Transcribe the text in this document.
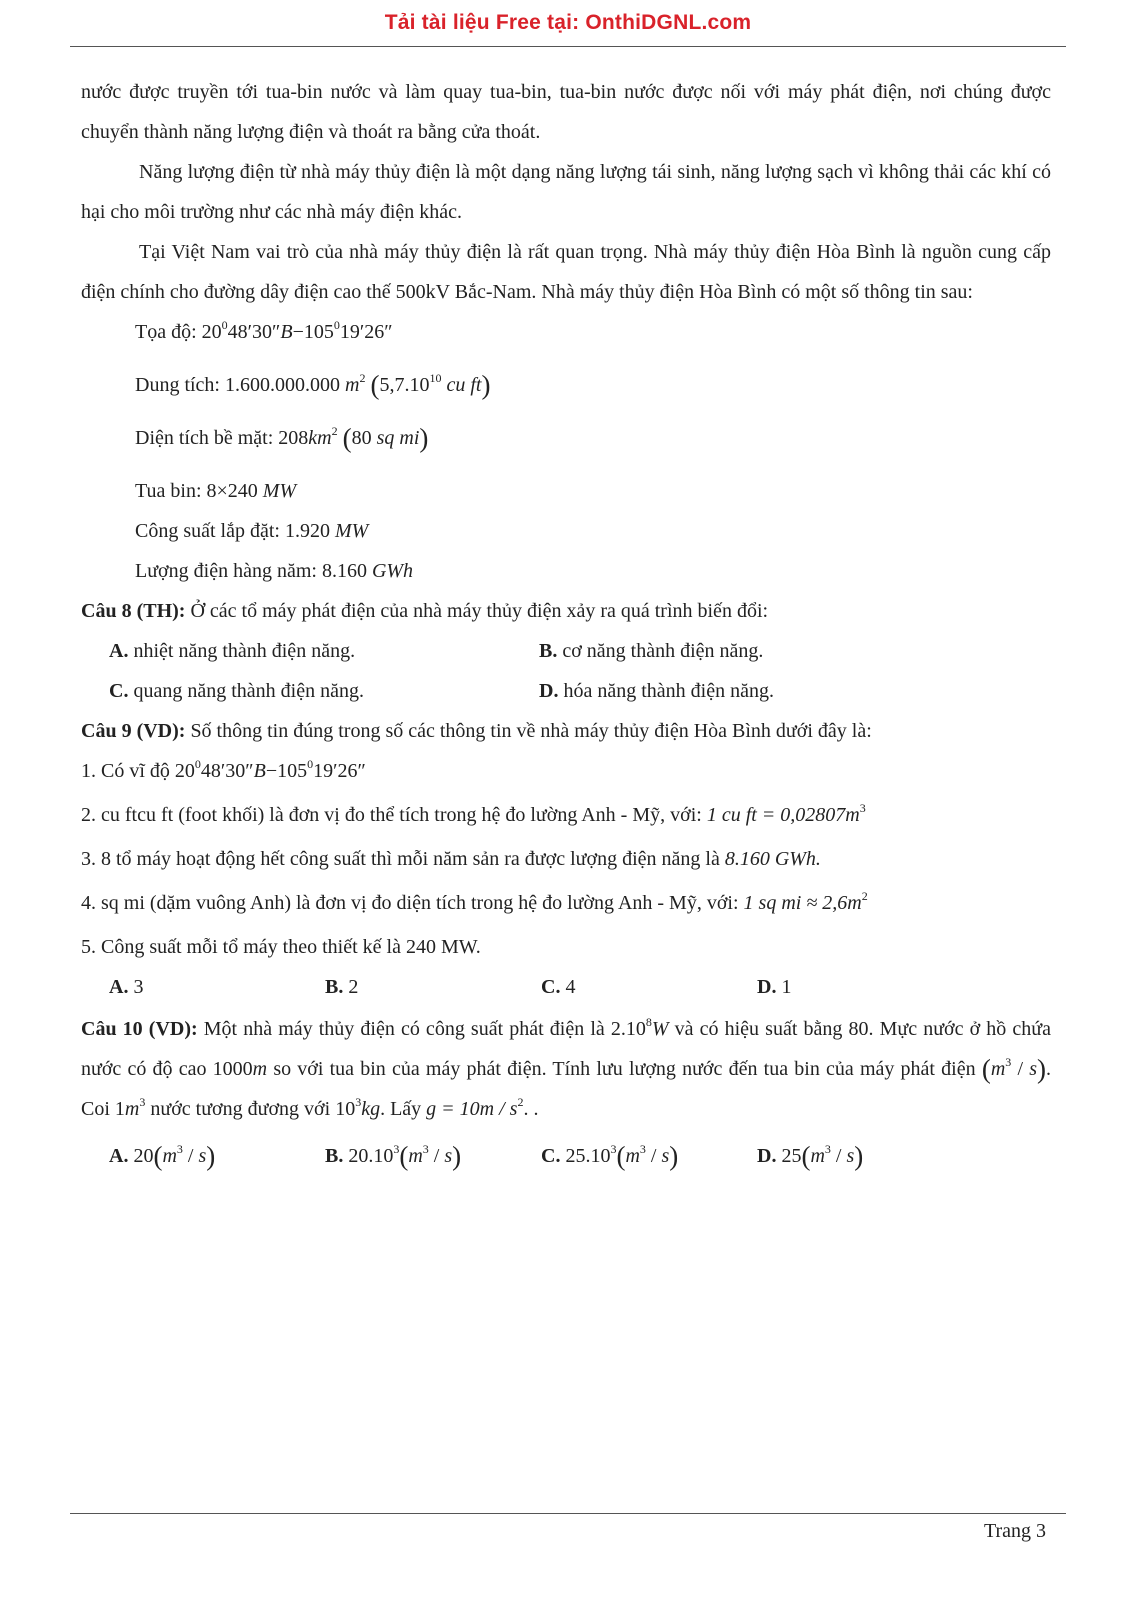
Tải tài liệu Free tại: OnthiDGNL.com

nước được truyền tới tua-bin nước và làm quay tua-bin, tua-bin nước được nối với máy phát điện, nơi chúng được chuyển thành năng lượng điện và thoát ra bằng cửa thoát.

Năng lượng điện từ nhà máy thủy điện là một dạng năng lượng tái sinh, năng lượng sạch vì không thải các khí có hại cho môi trường như các nhà máy điện khác.

Tại Việt Nam vai trò của nhà máy thủy điện là rất quan trọng. Nhà máy thủy điện Hòa Bình là nguồn cung cấp điện chính cho đường dây điện cao thế 500kV Bắc-Nam. Nhà máy thủy điện Hòa Bình có một số thông tin sau:

Tọa độ: $20^048'30''B-105^019'26''$
Dung tích: 1.600.000.000 $m^2$ (5,7.10$^{10}$ cu ft)
Diện tích bề mặt: $208km^2$ (80 sq mi)
Tua bin: 8×240 MW
Công suất lắp đặt: 1.920 MW
Lượng điện hàng năm: 8.160 GWh

Câu 8 (TH): Ở các tổ máy phát điện của nhà máy thủy điện xảy ra quá trình biến đổi:

A. nhiệt năng thành điện năng.	B. cơ năng thành điện năng.
C. quang năng thành điện năng.	D. hóa năng thành điện năng.

Câu 9 (VD): Số thông tin đúng trong số các thông tin về nhà máy thủy điện Hòa Bình dưới đây là:

1. Có vĩ độ $20^048'30''B-105^019'26''$
2. cu ftcu ft (foot khối) là đơn vị đo thể tích trong hệ đo lường Anh - Mỹ, với: 1 cu ft = $0,02807m^3$
3. 8 tổ máy hoạt động hết công suất thì mỗi năm sản ra được lượng điện năng là 8.160 GWh.
4. sq mi (dặm vuông Anh) là đơn vị đo diện tích trong hệ đo lường Anh - Mỹ, với: 1 sq mi ≈ $2,6m^2$
5. Công suất mỗi tổ máy theo thiết kế là 240 MW.
A. 3	B. 2	C. 4	D. 1

Câu 10 (VD): Một nhà máy thủy điện có công suất phát điện là 2.10$^8$W và có hiệu suất bằng 80. Mực nước ở hồ chứa nước có độ cao 1000m so với tua bin của máy phát điện. Tính lưu lượng nước đến tua bin của máy phát điện $(m^3 / s)$. Coi $1m^3$ nước tương đương với $10^3kg$. Lấy $g = 10m / s^2$. .

A. $20(m^3 / s)$	B. $20.10^3(m^3 / s)$	C. $25.10^3(m^3 / s)$	D. $25(m^3 / s)$
Trang 3
